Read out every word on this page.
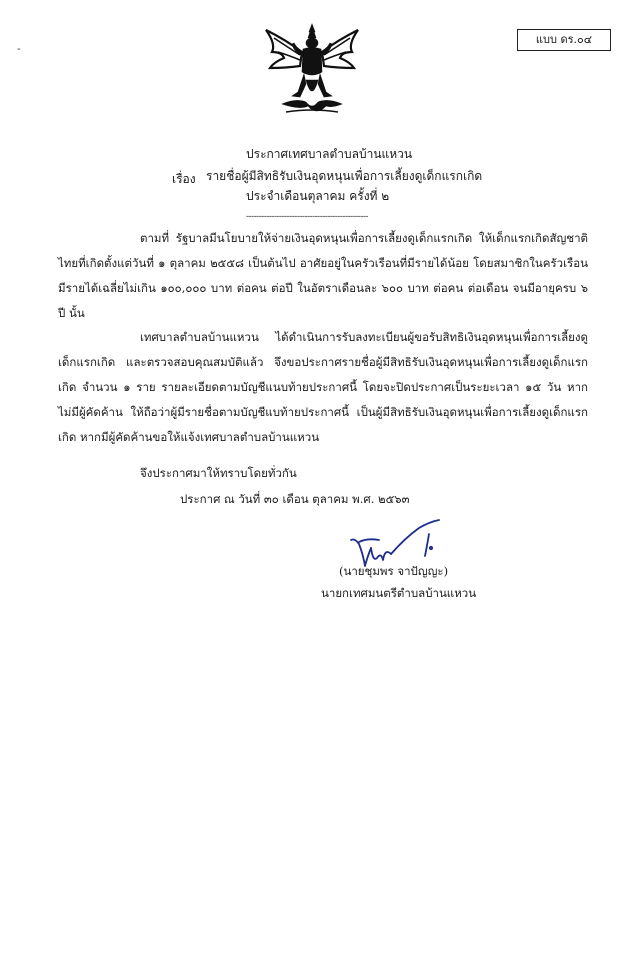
-
แบบ ดร.๐๔
ประกาศเทศบาลตำบลบ้านแหวน
เรื่อง รายชื่อผู้มีสิทธิรับเงินอุดหนุนเพื่อการเลี้ยงดูเด็กแรกเกิด
ประจำเดือนตุลาคม ครั้งที่ ๒
------------------------------------------------

ตามที่ รัฐบาลมีนโยบายให้จ่ายเงินอุดหนุนเพื่อการเลี้ยงดูเด็กแรกเกิด ให้เด็กแรกเกิดสัญชาติไทยที่เกิดตั้งแต่วันที่ ๑ ตุลาคม ๒๕๕๘ เป็นต้นไป อาศัยอยู่ในครัวเรือนที่มีรายได้น้อย โดยสมาชิกในครัวเรือนมีรายได้เฉลี่ยไม่เกิน ๑๐๐,๐๐๐ บาท ต่อคน ต่อปี ในอัตราเดือนละ ๖๐๐ บาท ต่อคน ต่อเดือน จนมีอายุครบ ๖ ปี นั้น

เทศบาลตำบลบ้านแหวน ได้ดำเนินการรับลงทะเบียนผู้ขอรับสิทธิเงินอุดหนุนเพื่อการเลี้ยงดูเด็กแรกเกิด และตรวจสอบคุณสมบัติแล้ว จึงขอประกาศรายชื่อผู้มีสิทธิรับเงินอุดหนุนเพื่อการเลี้ยงดูเด็กแรกเกิด จำนวน ๑ ราย รายละเอียดตามบัญชีแนบท้ายประกาศนี้ โดยจะปิดประกาศเป็นระยะเวลา ๑๕ วัน หากไม่มีผู้คัดค้าน ให้ถือว่าผู้มีรายชื่อตามบัญชีแบท้ายประกาศนี้ เป็นผู้มีสิทธิรับเงินอุดหนุนเพื่อการเลี้ยงดูเด็กแรกเกิด หากมีผู้คัดค้านขอให้แจ้งเทศบาลตำบลบ้านแหวน

จึงประกาศมาให้ทราบโดยทั่วกัน
ประกาศ ณ วันที่ ๓๐ เดือน ตุลาคม พ.ศ. ๒๕๖๓
(นายชุมพร จาปัญญะ)
นายกเทศมนตรีตำบลบ้านแหวน
